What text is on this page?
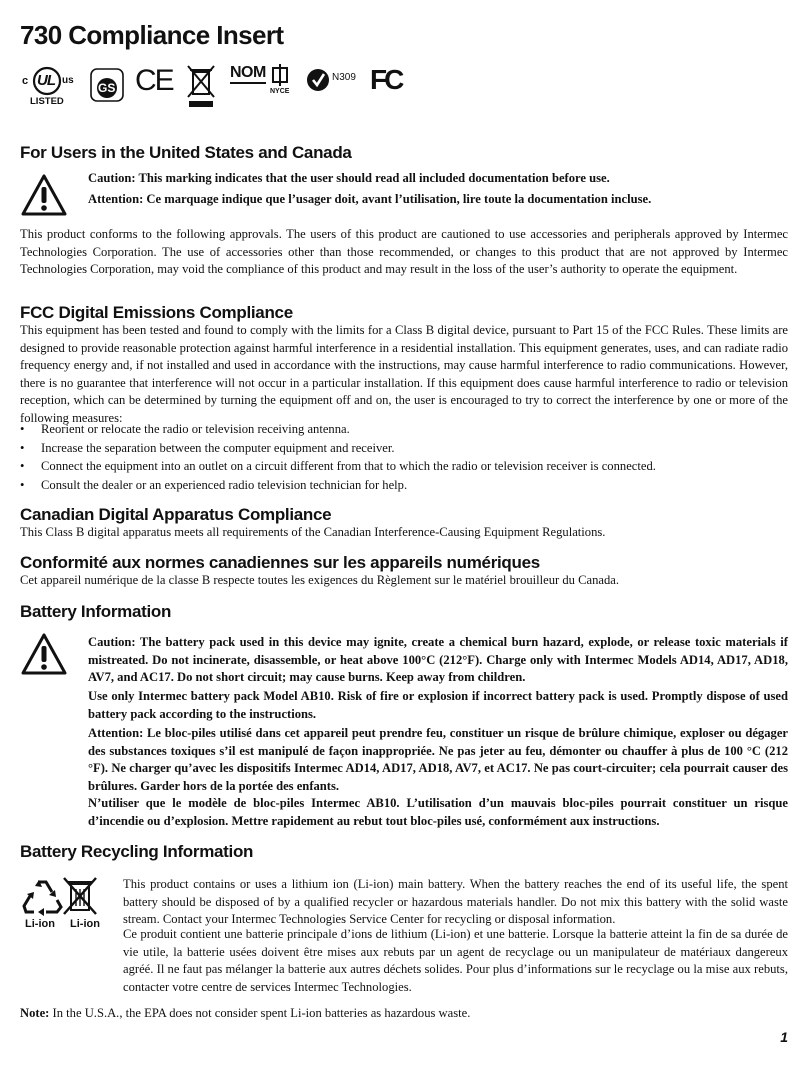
730 Compliance Insert
c UL us
LISTED
GS CE	NOM
NYCE
N309 FC
For Users in the United States and Canada

Caution: This marking indicates that the user should read all included documentation before use.

Attention: Ce marquage indique que l’usager doit, avant l’utilisation, lire toute la documentation incluse.

This product conforms to the following approvals. The users of this product are cautioned to use accessories and peripherals approved by Intermec Technologies Corporation. The use of accessories other than those recommended, or changes to this product that are not approved by Intermec Technologies Corporation, may void the compliance of this product and may result in the loss of the user’s authority to operate the equipment.

FCC Digital Emissions Compliance

This equipment has been tested and found to comply with the limits for a Class B digital device, pursuant to Part 15 of the FCC Rules. These limits are designed to provide reasonable protection against harmful interference in a residential installation. This equipment generates, uses, and can radiate radio frequency energy and, if not installed and used in accordance with the instructions, may cause harmful interference to radio communications. However, there is no guarantee that interference will not occur in a particular installation. If this equipment does cause harmful interference to radio or television reception, which can be determined by turning the equipment off and on, the user is encouraged to try to correct the interference by one or more of the following measures:

• Reorient or relocate the radio or television receiving antenna.
• Increase the separation between the computer equipment and receiver.
• Connect the equipment into an outlet on a circuit different from that to which the radio or television receiver is connected.
• Consult the dealer or an experienced radio television technician for help.
Canadian Digital Apparatus Compliance

This Class B digital apparatus meets all requirements of the Canadian Interference-Causing Equipment Regulations.

Conformité aux normes canadiennes sur les appareils numériques

Cet appareil numérique de la classe B respecte toutes les exigences du Règlement sur le matériel brouilleur du Canada.

Battery Information

Caution: The battery pack used in this device may ignite, create a chemical burn hazard, explode, or release toxic materials if mistreated. Do not incinerate, disassemble, or heat above 100°C (212°F). Charge only with Intermec Models AD14, AD17, AD18, AV7, and AC17. Do not short circuit; may cause burns. Keep away from children.

Use only Intermec battery pack Model AB10. Risk of fire or explosion if incorrect battery pack is used. Promptly dispose of used battery pack according to the instructions.

Attention: Le bloc-piles utilisé dans cet appareil peut prendre feu, constituer un risque de brûlure chimique, exploser ou dégager des substances toxiques s’il est manipulé de façon inappropriée. Ne pas jeter au feu, démonter ou chauffer à plus de 100 °C (212 °F). Ne charger qu’avec les dispositifs Intermec AD14, AD17, AD18, AV7, et AC17. Ne pas court-circuiter; cela pourrait causer des brûlures. Garder hors de la portée des enfants.

N’utiliser que le modèle de bloc-piles Intermec AB10. L’utilisation d’un mauvais bloc-piles pourrait constituer un risque d’incendie ou d’explosion. Mettre rapidement au rebut tout bloc-piles usé, conformément aux instructions.

Battery Recycling Information
Li-ion Li-ion

This product contains or uses a lithium ion (Li-ion) main battery. When the battery reaches the end of its useful life, the spent battery should be disposed of by a qualified recycler or hazardous materials handler. Do not mix this battery with the solid waste stream. Contact your Intermec Technologies Service Center for recycling or disposal information.

Ce produit contient une batterie principale d’ions de lithium (Li-ion) et une batterie. Lorsque la batterie atteint la fin de sa durée de vie utile, la batterie usées doivent être mises aux rebuts par un agent de recyclage ou un manipulateur de matériaux dangereux agréé. Il ne faut pas mélanger la batterie aux autres déchets solides. Pour plus d’informations sur le recyclage ou la mise aux rebuts, contacter votre centre de services Intermec Technologies.

Note: In the U.S.A., the EPA does not consider spent Li-ion batteries as hazardous waste.

1
